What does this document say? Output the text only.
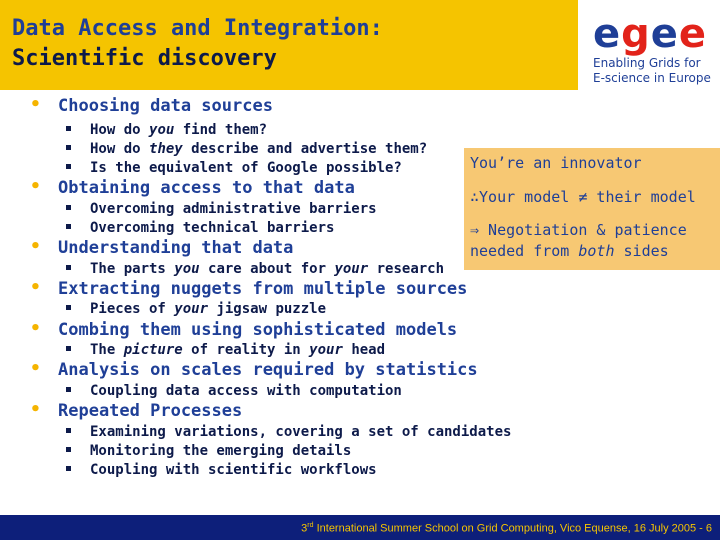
Data Access and Integration:
Scientific discovery
egee
Enabling Grids for
E-science in Europe
• Choosing data sources
How do you find them?
How do they describe and advertise them?
Is the equivalent of Google possible?
• Obtaining access to that data
Overcoming administrative barriers
Overcoming technical barriers
• Understanding that data
The parts you care about for your research
• Extracting nuggets from multiple sources
Pieces of your jigsaw puzzle
• Combing them using sophisticated models
The picture of reality in your head
• Analysis on scales required by statistics
Coupling data access with computation
• Repeated Processes
Examining variations, covering a set of candidates
Monitoring the emerging details
Coupling with scientific workflows
You’re an innovator
∴Your model ≠ their model
⇒ Negotiation & patience
needed from both sides
3rd International Summer School on Grid Computing, Vico Equense, 16 July 2005 - 6
